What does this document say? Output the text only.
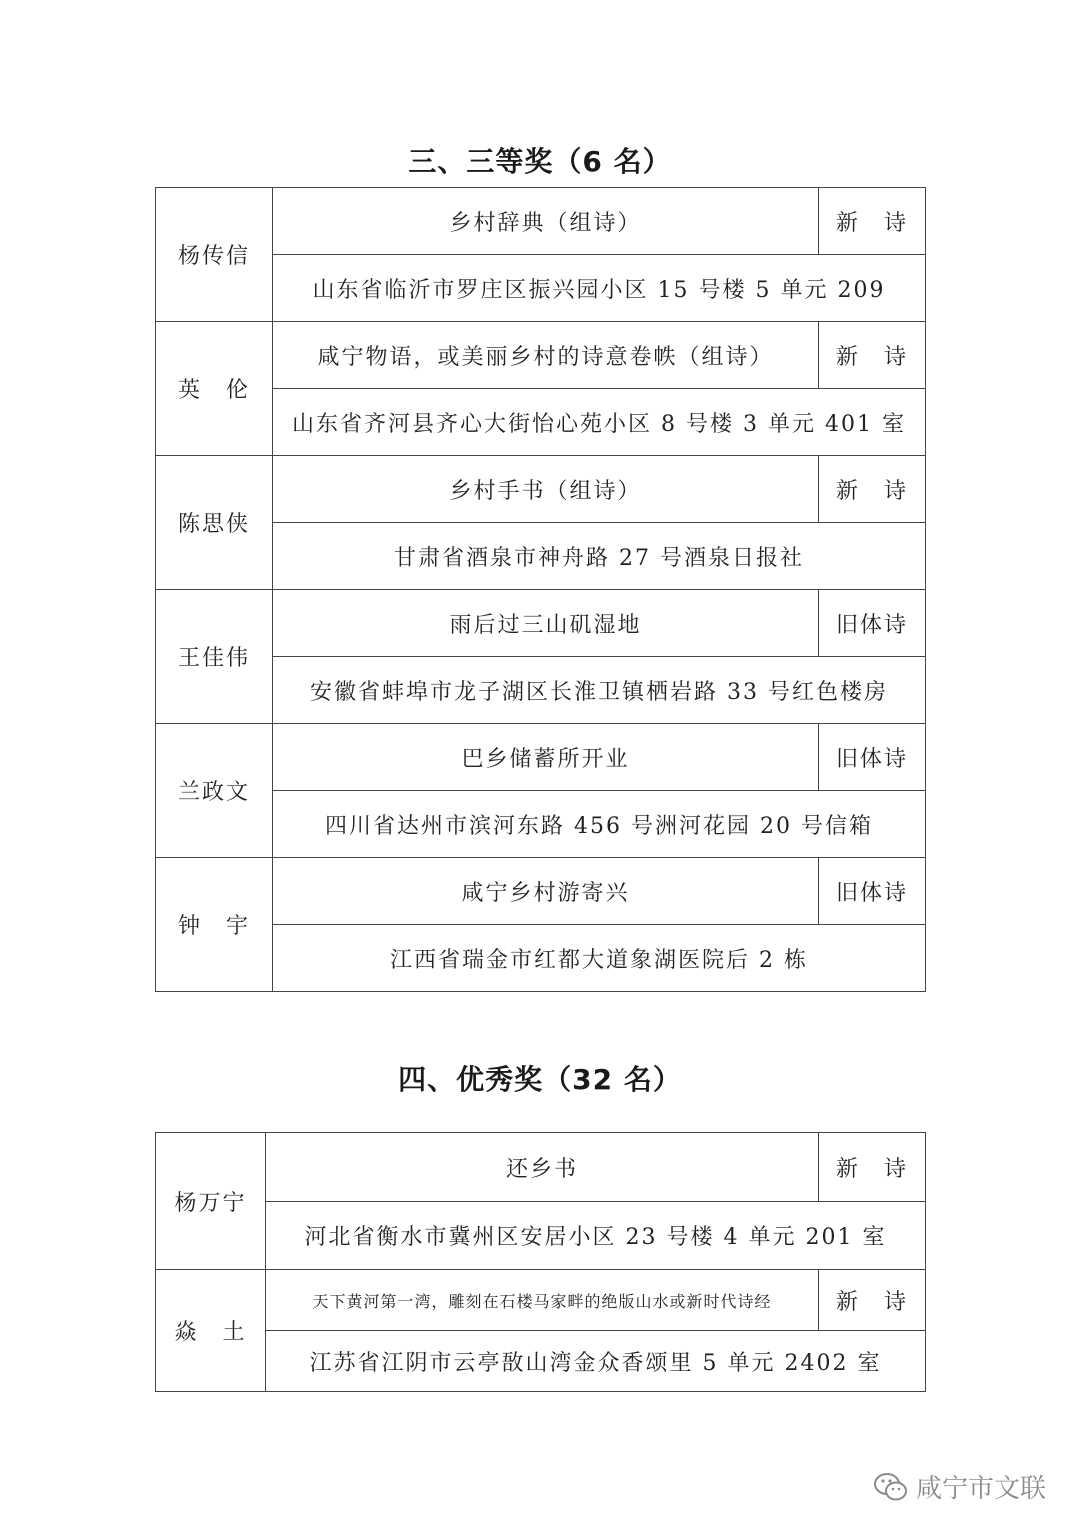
三、三等奖（6 名）
杨传信	乡村辞典（组诗）	新　诗
	山东省临沂市罗庄区振兴园小区 15 号楼 5 单元 209	
英　伦	咸宁物语，或美丽乡村的诗意卷帙（组诗）	新　诗
	山东省齐河县齐心大街怡心苑小区 8 号楼 3 单元 401 室	
陈思侠	乡村手书（组诗）	新　诗
	甘肃省酒泉市神舟路 27 号酒泉日报社	
王佳伟	雨后过三山矶湿地	旧体诗
	安徽省蚌埠市龙子湖区长淮卫镇栖岩路 33 号红色楼房	
兰政文	巴乡储蓄所开业	旧体诗
	四川省达州市滨河东路 456 号洲河花园 20 号信箱	
钟　宇	咸宁乡村游寄兴	旧体诗
	江西省瑞金市红都大道象湖医院后 2 栋	
四、优秀奖（32 名）
杨万宁	还乡书	新　诗
	河北省衡水市冀州区安居小区 23 号楼 4 单元 201 室	
焱　土	天下黄河第一湾，雕刻在石楼马家畔的绝版山水或新时代诗经	新　诗
	江苏省江阴市云亭敔山湾金众香颂里 5 单元 2402 室	
咸宁市文联
